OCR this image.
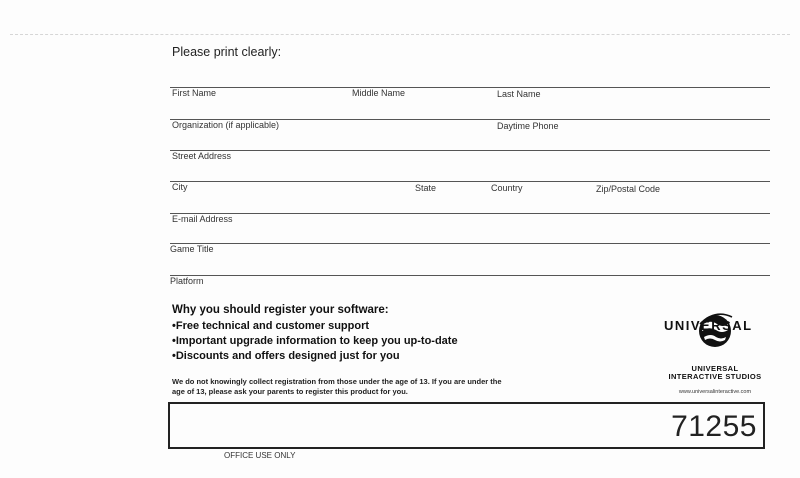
Please print clearly:
First Name	Middle Name	Last Name
Organization (if applicable)	Daytime Phone
Street Address
City	State	Country	Zip/Postal Code
E-mail Address
Game Title
Platform
Why you should register your software:
• Free technical and customer support
• Important upgrade information to keep you up-to-date
• Discounts and offers designed just for you
We do not knowingly collect registration from those under the age of 13. If you are under the age of 13, please ask your parents to register this product for you.
UNIVERSAL
UNIVERSAL
INTERACTIVE STUDIOS
www.universalinteractive.com
71255
OFFICE USE ONLY
